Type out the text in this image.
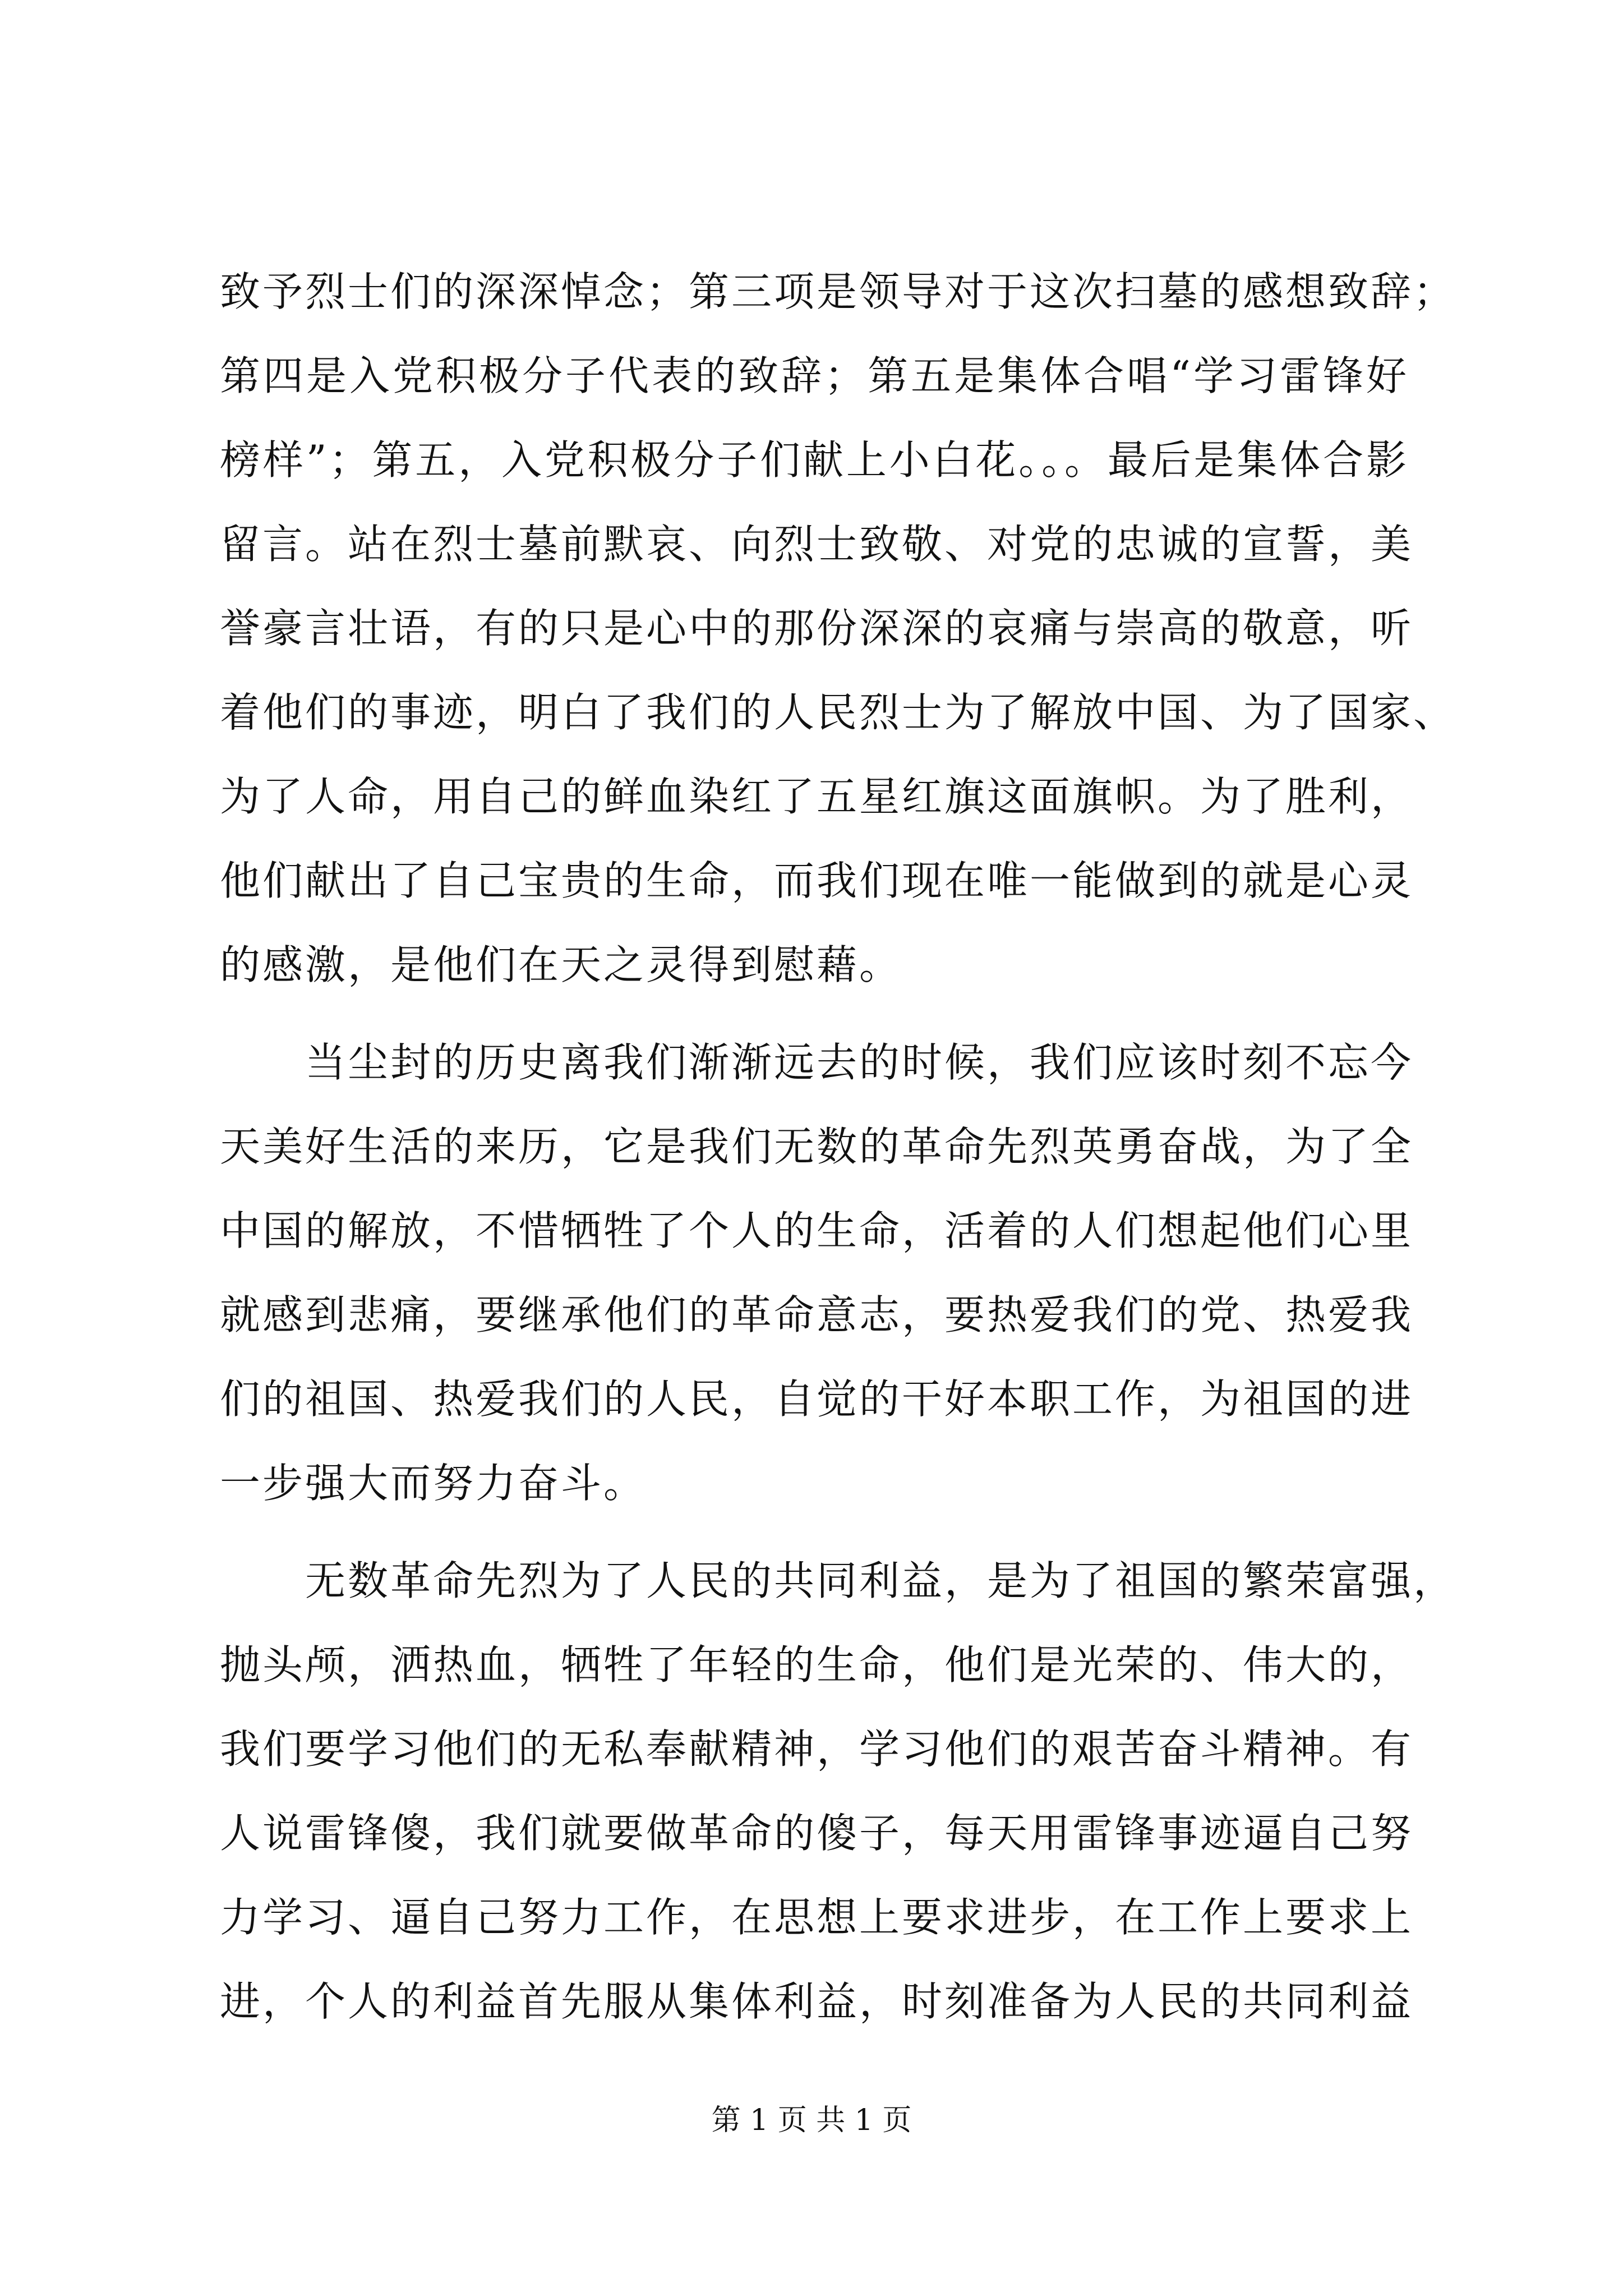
致予烈士们的深深悼念；第三项是领导对于这次扫墓的感想致辞；
第四是入党积极分子代表的致辞；第五是集体合唱“学习雷锋好
榜样”；第五，入党积极分子们献上小白花。。。最后是集体合影
留言。站在烈士墓前默哀、向烈士致敬、对党的忠诚的宣誓，美
誉豪言壮语，有的只是心中的那份深深的哀痛与崇高的敬意，听
着他们的事迹，明白了我们的人民烈士为了解放中国、为了国家、
为了人命，用自己的鲜血染红了五星红旗这面旗帜。为了胜利，
他们献出了自己宝贵的生命，而我们现在唯一能做到的就是心灵
的感激，是他们在天之灵得到慰藉。
当尘封的历史离我们渐渐远去的时候，我们应该时刻不忘今
天美好生活的来历，它是我们无数的革命先烈英勇奋战，为了全
中国的解放，不惜牺牲了个人的生命，活着的人们想起他们心里
就感到悲痛，要继承他们的革命意志，要热爱我们的党、热爱我
们的祖国、热爱我们的人民，自觉的干好本职工作，为祖国的进
一步强大而努力奋斗。
无数革命先烈为了人民的共同利益，是为了祖国的繁荣富强，
抛头颅，洒热血，牺牲了年轻的生命，他们是光荣的、伟大的，
我们要学习他们的无私奉献精神，学习他们的艰苦奋斗精神。有
人说雷锋傻，我们就要做革命的傻子，每天用雷锋事迹逼自己努
力学习、逼自己努力工作，在思想上要求进步，在工作上要求上
进，个人的利益首先服从集体利益，时刻准备为人民的共同利益
第 1 页 共 1 页
